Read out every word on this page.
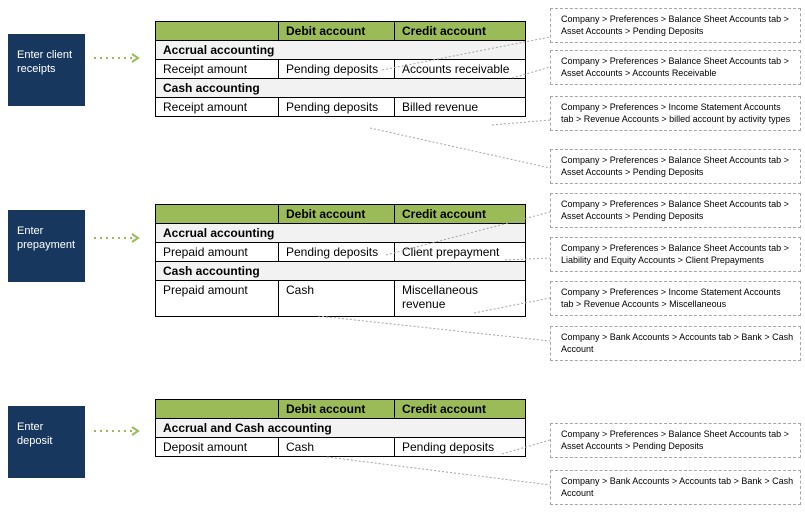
Enter client receipts
Enter prepayment
Enter deposit
	Debit account	Credit account
Accrual accounting		
Receipt amount	Pending deposits	Accounts receivable
Cash accounting		
Receipt amount	Pending deposits	Billed revenue
	Debit account	Credit account
Accrual accounting		
Prepaid amount	Pending deposits	Client prepayment
Cash accounting		
Prepaid amount	Cash	Miscellaneous revenue
	Debit account	Credit account
Accrual and Cash accounting		
Deposit amount	Cash	Pending deposits
Company > Preferences > Balance Sheet Accounts tab > Asset Accounts > Pending Deposits
Company > Preferences > Balance Sheet Accounts tab > Asset Accounts > Accounts Receivable
Company > Preferences > Income Statement Accounts tab > Revenue Accounts > billed account by activity types
Company > Preferences > Balance Sheet Accounts tab > Asset Accounts > Pending Deposits
Company > Preferences > Balance Sheet Accounts tab > Asset Accounts > Pending Deposits
Company > Preferences > Balance Sheet Accounts tab > Liability and Equity Accounts > Client Prepayments
Company > Preferences > Income Statement Accounts tab > Revenue Accounts > Miscellaneous
Company > Bank Accounts > Accounts tab > Bank > Cash Account
Company > Preferences > Balance Sheet Accounts tab > Asset Accounts > Pending Deposits
Company > Bank Accounts > Accounts tab > Bank > Cash Account
